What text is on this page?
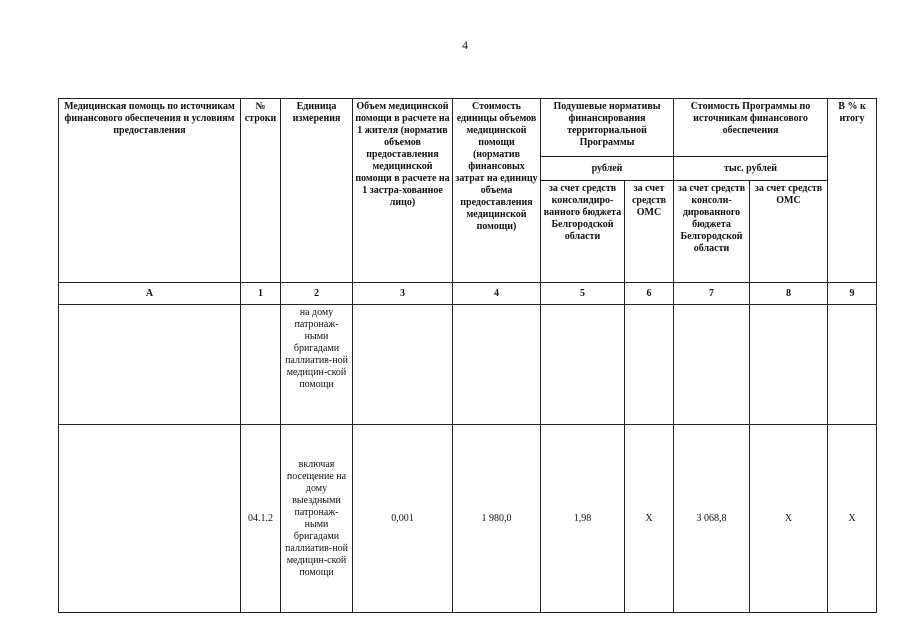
4
Медицинская помощь по источникам финансового обеспечения и условиям предоставления	№ строки	Единица измерения	Объем медицинской помощи в расчете на 1 жителя (норматив объемов предоставления медицинской помощи в расчете на 1 застра-хованное лицо)	Стоимость единицы объемов медицинской помощи (норматив финансовых затрат на единицу объема предоставления медицинской помощи)	Подушевые нормативы финансирования территориальной Программы		Стоимость Программы по источникам финансового обеспечения		В % к итогу
					рублей		тыс. рублей		
					за счет средств консолидиро-ванного бюджета Белгородской области	за счет средств ОМС	за счет средств консоли-дированного бюджета Белгородской области	за счет средств ОМС	
А	1	2	3	4	5	6	7	8	9
		на дому патронаж-ными бригадами паллиатив-ной медицин-ской помощи							
	04.1.2	включая посещение на дому выездными патронаж-ными бригадами паллиатив-ной медицин-ской помощи	0,001	1 980,0	1,98	Х	3 068,8	Х	Х
